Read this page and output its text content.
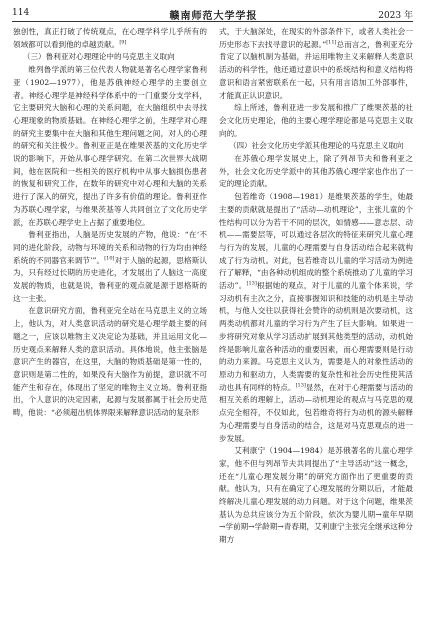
114	赣南师范大学学报	2023 年

独创性，真正打破了传统观点，在心理学科学儿乎所有的领域都可以看到他的卓越贡献。[9]

（三）鲁利亚对心理理论中的马克思主义取向

维列鲁学派的第三位代表人物就是著名心理学家鲁利亚（1902—1977），他是苏俄神经心理学的主要创立者。神经心理学是神经科学体系中的一门重要分支学科，它主要研究大脑和心理的关系问题，在大脑组织中去寻找心理现象的物质基础。在神经心理学之前，生理学对心理的研究主要集中在大脑和其他生理问题之间，对人的心理的研究和关注极少。鲁利亚正是在维果茨基的文化历史学说的影响下，开始从事心理学研究。在第二次世界大战期间，他在医院和一些相关的医疗机构中从事大脑损伤患者的恢复和研究工作，在数年的研究中对心理和大脑的关系进行了深入的研究，提出了许多有价值的理论。鲁利亚作为苏联心理学家，与维果茨基等人共同创立了文化历史学派，在苏联心理学史上占据了重要地位。

鲁利亚指出，人脑是历史发展的产物，他说：“在‘不同的进化阶段，动物与环境的关系和动物的行为均由神经系统的不同器官来调节’”。[10]对于人脑的起源，思格斯认为，只有经过长期的历史进化，才发展出了人脑这一高度发展的物质，也就是说，鲁利亚的观点就是源于恩格斯的这一主张。

在意识研究方面，鲁利亚完全站在马克思主义的立场上，他认为，对人类意识活动的研究是心理学最主要的问题之一，应该以唯物主义决定论为基础，并且运用文化—历史观点来解释人类的意识活动。具体地说，他主张脑是意识产生的器官，在这里，大脑的物质基础是第一性的，意识则是第二性的，如果没有大脑作为前提，意识就不可能产生和存在，体现出了坚定的唯物主义立场。鲁利亚指出，个人意识的决定因素，起源与发展都属于社会历史范畴，他说：“必须超出机体界限来解释意识活动的复杂形

式，于大脑深处，在现实的外部条件下，或者人类社会一历史形态下去找寻意识的起源。”[11]总而言之，鲁利亚充分肯定了以脑机制为基础，并运用唯物主义来解释人类意识活动的科学性，他还通过意识中的系统结构和意义结构将意识和语言紧密联系在一起，只有用言语加工外部事件，才能真正认识意识。

综上所述，鲁利亚进一步发展和推广了维果茨基的社会文化历史理论，他的主要心理学理论都是马克思主义取向的。

（四）社会文化历史学派其他理论的马克思主义取向

在苏俄心理学发展史上，除了列昂节夫和鲁利亚之外，社会文化历史学派中的其他苏俄心理学家也作出了一定的理论贡献。

包若维奇（1908—1981）是维果茨基的学生，她最主要的贡献就是提出了“活动—动机理论”，主张儿童的个性结构可以分为若干不同的层次，如情感——意志层、动机——需要层等，可以通过各层次的特征来研究儿童心理与行为的发展，儿童的心理需要与自身活动结合起来就构成了行为动机。对此，包若维奇以儿童的学习活动为例进行了解释，“由各种动机组成的整个系统推动了儿童的学习活动”。[13]根据她的观点，对于儿童的儿童个体来说，学习动机有主次之分，直接事握知识和技能的动机是主导动机，与他人交往以获得社会赞许的动机则是次要动机，这两类动机都对儿童的学习行为产生了巨大影响。如果进一步将研究对象从学习活动扩展到其他类型的活动，动机始终是影响儿童各种活动的重要因素，而心理需要则是行动的动力来源。马克思主义认为，需要是人的对象性活动的原动力和驱动力，人类需要的复杂性和社会历史性使其活动也具有同样的特点。[13]显然，在对于心理需要与活动的相互关系的理解上，活动—动机理论的观点与马克思的观点完全相符，不仅如此，包若维奇将行为动机的源头解释为心理需要与自身活动的结合，这是对马克思观点的进一步发展。

艾利康宁（1904—1984）是苏俄著名的儿童心理学家，他不但与列昂节夫共同提出了“主导活动”这一概念，还在“儿童心理发展分期”的研究方面作出了更重要的贡献。他认为，只有在确定了心理发展的分期以后，才能最终解决儿童心理发展的动力问题。对于这个问题，维果茨基认为总共应该分为五个阶段，依次为婴儿期→童年早期→学前期→学龄期→青春期，艾利康宁主张完全继承这种分期方
